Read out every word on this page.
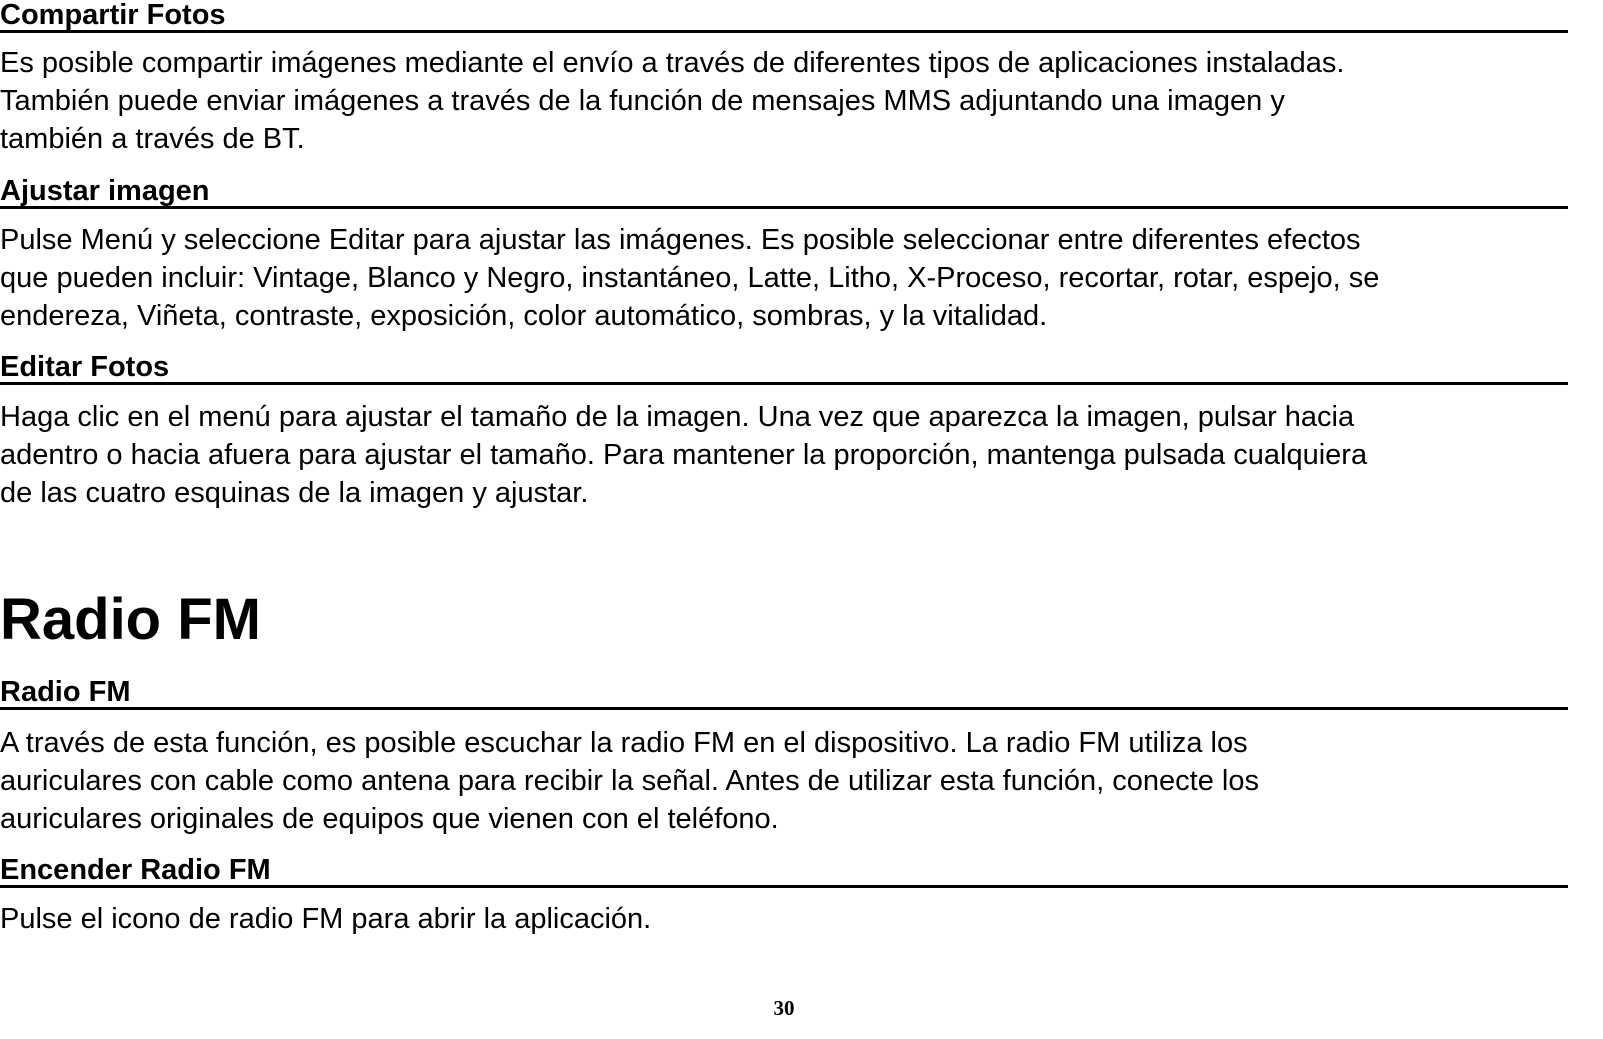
Compartir Fotos
Es posible compartir imágenes mediante el envío a través de diferentes tipos de aplicaciones instaladas.
También puede enviar imágenes a través de la función de mensajes MMS adjuntando una imagen y
también a través de BT.
Ajustar imagen
Pulse Menú y seleccione Editar para ajustar las imágenes. Es posible seleccionar entre diferentes efectos
que pueden incluir: Vintage, Blanco y Negro, instantáneo, Latte, Litho, X-Proceso, recortar, rotar, espejo, se
endereza, Viñeta, contraste, exposición, color automático, sombras, y la vitalidad.
Editar Fotos
Haga clic en el menú para ajustar el tamaño de la imagen. Una vez que aparezca la imagen, pulsar hacia
adentro o hacia afuera para ajustar el tamaño. Para mantener la proporción, mantenga pulsada cualquiera
de las cuatro esquinas de la imagen y ajustar.
Radio FM
Radio FM
A través de esta función, es posible escuchar la radio FM en el dispositivo. La radio FM utiliza los
auriculares con cable como antena para recibir la señal. Antes de utilizar esta función, conecte los
auriculares originales de equipos que vienen con el teléfono.
Encender Radio FM
Pulse el icono de radio FM para abrir la aplicación.
30
